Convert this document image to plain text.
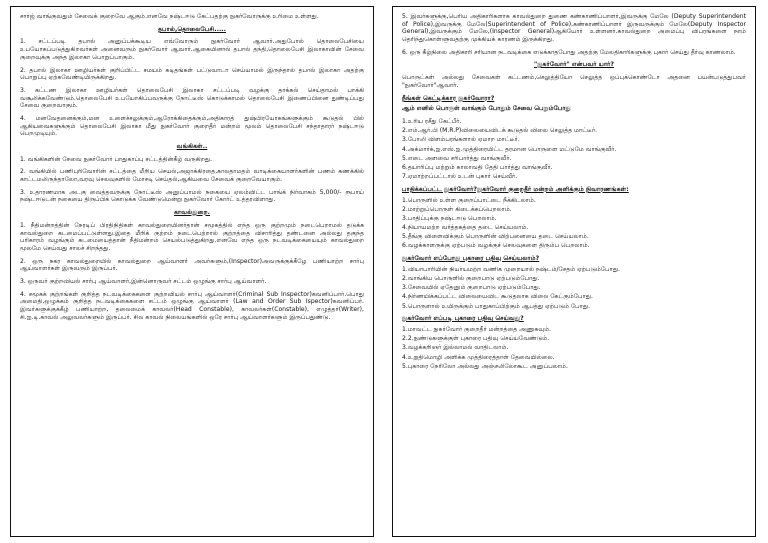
சார்ஜ் வாங்குவதும் சேவைக் குறைவே ஆகும்.எனவே நஷ்டஈடு கேட்பதற்கு நுகர்வோருக்கு உரிமை உள்ளது.

தபால்,தொலைபேசி.....

1. சட்டப்படி தபால் அனுப்பக்கூடிய எவ்வோரும் நுகர்வோர் ஆவார்.அதுபோல் தொலைபேசியை உபயோகப்படுத்துகிறவர்கள் அனைவரும் நுகர்வோர் ஆவார்.ஆகையினால் தபால் தந்தி,தொலைபேசி இலாகாவின் சேவை குறைவுக்கு அந்த இலாகா பொறுப்பாகும்.

2. தபால் இலாகா ஊழியர்கள் குறிப்பிட்ட சமயம் கடிதங்கள் பட்டுவாடா செய்யாமல் இருந்தால் தபால் இலாகா அதற்கு பொறுப்பு ஏற்கவேண்டியிருக்கிறது.

3. கட்டண இலாகா ஊழியர்கள் தொலைபேசி இலாகா சட்டப்படி வழக்கு தாக்கல் செய்தாமல் பாக்கி வசூலிக்கவேண்டும்.தொலைபேசி உபயோகிப்பவருக்கு நோட்டீஸ் கொடுக்காமல் தொலைபேசி இணைப்பினை துண்டிப்பது சேவை குறைவாகும்.

4. மனவேதனைக்கும்,மன உளைச்சலுக்கும்,ஆரோக்கிதைக்கும்,அதிகாரத் துஷ்பிரயோகங்களுக்கும் கூடுதல் பில் ஆகியவைகளுக்கும் தொலைபேசி இலாகா மீது நுகர்வோர் குறைதீர் மன்றம் மூலம் தொலைபேசி சந்தாதாரர் நஷ்டஈடு பெறமுடியும்.

வங்கிகள்..

1. வங்கிகளின் சேவை நுகர்வோர் பாதுகாப்பு சட்டத்தின்கீழ் வருகிறது.

2. வங்கியில் பணிபுரிவோரின் சட்டத்தை மீறிய செயல்,அஜாக்கிரதை,காலதாமதம் வாடிக்கையாளர்களின் பணம் கணக்கில் காட்டமலிருந்தாலோ,வரவு செலவுகளில் மோசடி செய்தல்,ஆகியவை சேவைக் குறைவேயாகும்.

3. உதாரணமாக அடகு வைத்தவருக்கு நோட்டீஸ் அனுப்பாமல் நகையை ஏலம்விட்ட பாங்க் நிர்வாகம் 5,000/- ரூபாய் நஷ்டஈடுடன் நகையை திருப்பிக் கொடுக்க வேண்டுமென்று நுகர்வோர் கோர்ட் உத்தரவிளாது.

காவல்துறை.

1. நீதிமன்றத்தின் நேரடிப் பிரதிநிதிகள் காவல்துறையினர்தான் சமூகத்தில் எந்த ஒரு குற்றமும் நடைபெறாமல் தடுக்க காவல்துறை கடமைப்பட்டுள்ளது.இதை மீறிக் குற்றம் நடைபெற்றால் குற்றத்தை விசாரித்து தண்டனை அல்லது தகுந்த பரிகாரம் வழங்கும் கடமையைத்தான் நீதிமன்றம் செயல்படுத்துகிறது.எனவே எந்த ஒரு நடவடிக்கையையும் காவல்துறை மூலமே செய்வது சாலச் சிறந்தது.

2. ஒரு நகர காவல்துறையில் காவல்துறை ஆய்வாளர் அவர்களும்,(Inspector)அவருக்குக்கீழே பணியாற்ற சார்பு ஆய்வாளர்கள் இருவரும் இருப்பர்.

3. ஒருவர் குற்றவியல் சார்பு ஆய்வாளர்,இன்னொருவர் சட்டம் ஒழுங்கு சார்பு ஆய்வாளர்.

4. சமூகக் குற்றங்கள் குறித்த நடவடிக்கைகளை குற்றவியல் சார்பு ஆய்வாளர்(Criminal Sub Inspector)கவனிப்பார்.பொது அமைதி,ஒழுக்கம் குறித்த நடவடிக்கைகளை சட்டம் ஒழுங்கு ஆய்வாளர் (Law and Order Sub Ispector)கவனிப்பர். இவர்களுக்குக்கீழ் பணியாற்ற, தலைமைக் காவலர்(Head Constable), காவலர்கள்(Constable), எழுத்தர்(Writer), சி.ஐ.டி.காவல் அலுவலர்களும் இருப்பர். சில காவல் நிலையங்களில் ஒரே சார்பு ஆய்வாளர்களும் இருப்பதுண்டு.

5. இவர்களுக்கு,பெரிய அதிகாரிகளாக காவல்துறை துணை கண்காணிப்பாளர்,இவருக்கு மேலே (Deputy Superintendent of Police),இவருக்கு மேலே(Superintendent of Police),கண்காணிப்பாளர் இருவருக்கும் மேலே(Deputy Inspector General),இவருக்கும் மேலே,(Inspector General)ஆகியோர் உள்ளனர்.காவல்துறை அமைப்பு விபரங்களை நாம் தெரிந்துகொள்ளுவதற்கு முக்கியக் காரணம் இருக்கிறது.

6. ஒரு கீழ்நிலை அதிகாரி சரியான நடவடிக்கை எடுக்காதபோது அதற்கு மேலதிகாரிகளுக்கு புகார் செய்து தீர்வு காணலாம்.

"நுகர்வோர்" என்பவர் யார்?

பொருட்கள் அல்லது சேவைகள் கட்டணம்,செலுத்தியோ செலுத்த ஒப்புக்கொண்டோ அதனை பயன்படுத்துபவர் "நுகர்வோர்"ஆவார்.

நீங்கள் கெட்டிக்கார நுகர்வோரா?

ஆம் எனில் பொருள் வாங்கும் போதும் சேவை பெறும்போது

1.உரிய ரசீது கேட்பீர்.
2.எம்.ஆர்.பி (M.R.P)விலையைவிடக் கூடுதல் விலை செலுத்த மாட்டீர்.
3.போலி விளம்பரங்களால் ஏமாற மாட்டீர்.
4.அக்மார்க்,ஐ.எஸ்.ஐ.முத்திரையிட்ட தரமான பொருளை மட்டுமே வாங்குவீர்.
5.எடை அளவை சரிபார்த்து வாங்குவீர்.
6.தயாரிப்பு மற்றும் காலாவதி தேதி பார்த்து வாங்குவீர்.
7.ஏமாற்றப்பட்டால் உடன் புகார் செய்வீர்.
பாதிக்கப்பட்ட நுகர்வோர்?நுகர்வோர் குறைதீர் மன்றம் அளிக்கும் நிவாரணங்கள்:
1.பொருளில் உள்ள குறைப்பாட்டை நீக்கிடலாம்.
2.மாற்றுப்பொருள் கிடைக்கப்பெறலாம்.
3.பாதிப்புக்கு நஷ்டஈடு பெறலாம்.
4.நியாயமற்ற வர்த்தகத்தை தடை செய்யலாம்.
5.தீங்கு விளைவிக்கும் பொருளின் விற்பனையை தடை செய்யலாம்.
6.வழக்காளருக்கு ஏற்படும் வழக்குச் செலவுகளை திரும்ப பெறலாம்.
நுகர்வோர் எப்போது புகாரை பதிவு செய்யலாம்?
1.வியாபாரியின் நியாயமற்ற வணிக முறையால் நஷ்டம்/சேதம் ஏற்படும்போது.
2.வாங்கிய பொருளில் குறைபாடு ஏற்படும்போது.
3.சேவையில் ஏதேனும் குறைபாடு ஏற்படும்போது.
4.நிர்ணயிக்கப்பட்ட விலையைவிட கூடுதலாக விலை கேட்கும்போது.
5.பொருளால் உயிருக்கும் பாதுகாப்பிற்கும் ஆபத்து ஏற்படும் போது.
நுகர்வோர் எப்படி புகாரை பதிவு செய்வது?
1.மாவட்ட நுகர்வோர் குறைதீர் மன்றத்தை அணுகவும்.
2.2.நுண்டுகளுக்குள் புகாரை பதிவு செய்யவேண்டும்.
3.வழக்கறிஞர் இல்லாமல் வாதிடலாம்.
4.உறுதிமொழி அளிக்க முத்திரைத்தாள் தேவையில்லை.
5.புகாரை நேரிலோ அல்லது அஞ்சலிலோகூட அனுப்பலாம்.
